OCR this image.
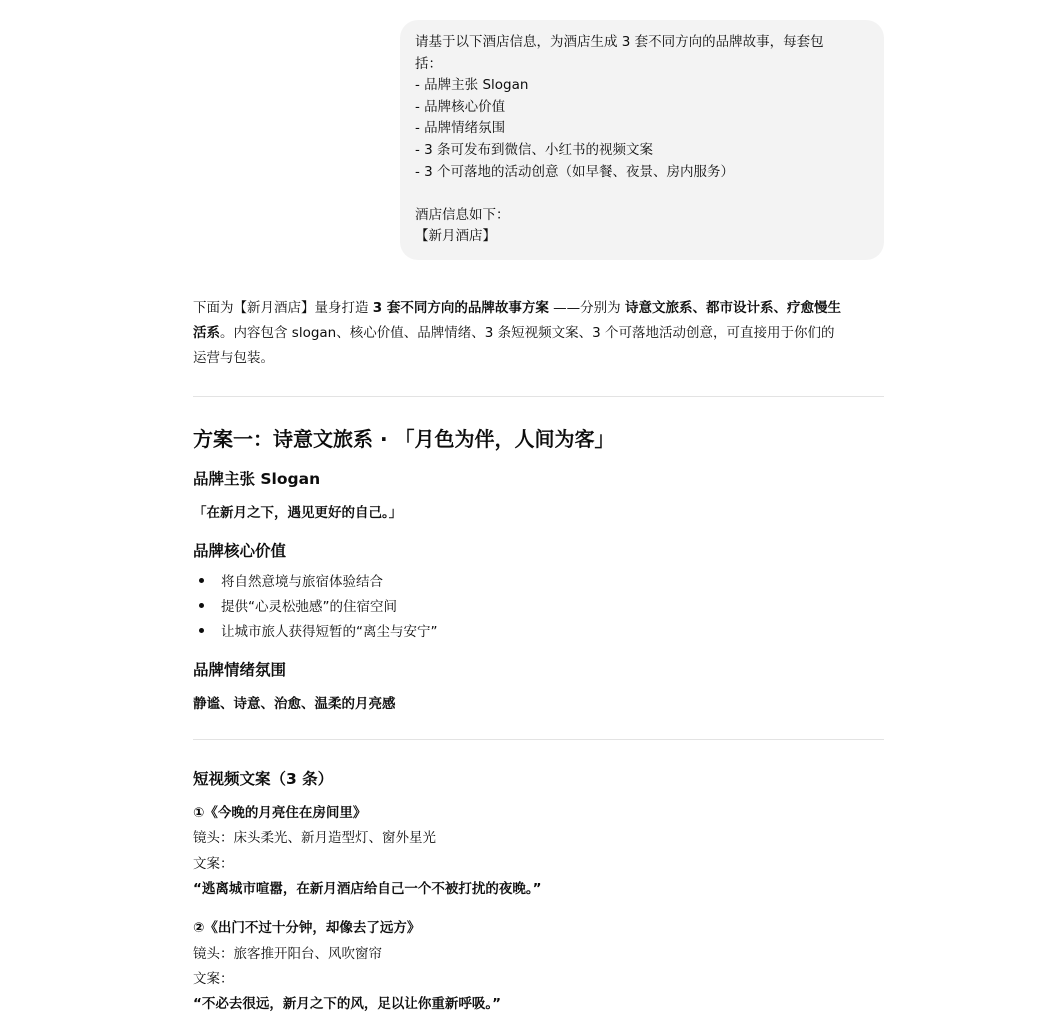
请基于以下酒店信息，为酒店生成 3 套不同方向的品牌故事，每套包
括：
- 品牌主张 Slogan
- 品牌核心价值
- 品牌情绪氛围
- 3 条可发布到微信、小红书的视频文案
- 3 个可落地的活动创意（如早餐、夜景、房内服务）
酒店信息如下：
【新月酒店】

下面为【新月酒店】量身打造 3 套不同方向的品牌故事方案 ——分别为 诗意文旅系、都市设计系、疗愈慢生
活系。内容包含 slogan、核心价值、品牌情绪、3 条短视频文案、3 个可落地活动创意，可直接用于你们的
运营与包装。

方案一：诗意文旅系 · 「月色为伴，人间为客」
品牌主张 Slogan
「在新月之下，遇见更好的自己。」
品牌核心价值
将自然意境与旅宿体验结合
提供“心灵松弛感”的住宿空间
让城市旅人获得短暂的“离尘与安宁”
品牌情绪氛围
静谧、诗意、治愈、温柔的月亮感
短视频文案（3 条）
①《今晚的月亮住在房间里》
镜头：床头柔光、新月造型灯、窗外星光
文案：
“逃离城市喧嚣，在新月酒店给自己一个不被打扰的夜晚。”
②《出门不过十分钟，却像去了远方》
镜头：旅客推开阳台、风吹窗帘
文案：
“不必去很远，新月之下的风，足以让你重新呼吸。”
